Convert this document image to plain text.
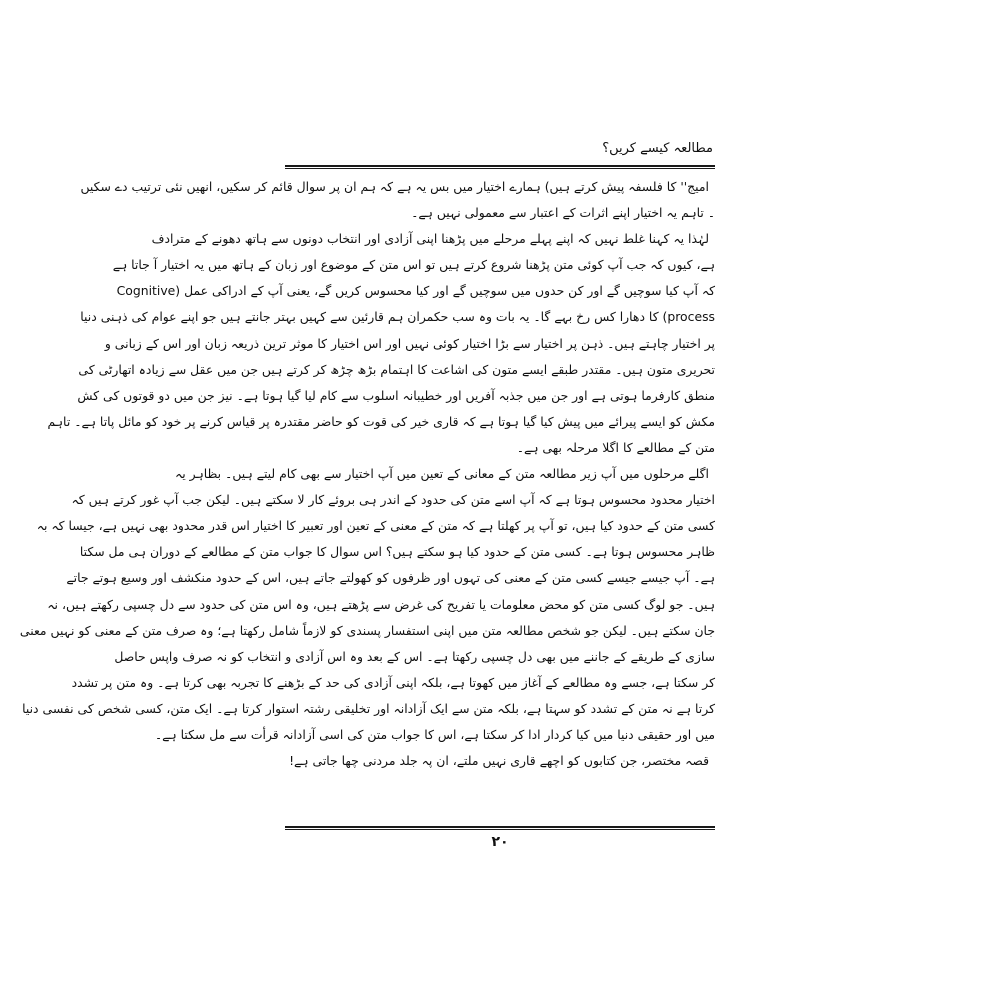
مطالعہ کیسے کریں؟
امیج'' کا فلسفہ پیش کرتے ہیں) ہمارے اختیار میں بس یہ ہے کہ ہم ان پر سوال قائم کر سکیں، انھیں نئی ترتیب دے سکیں
۔ تاہم یہ اختیار اپنے اثرات کے اعتبار سے معمولی نہیں ہے۔
لہٰذا یہ کہنا غلط نہیں کہ اپنے پہلے مرحلے میں پڑھنا اپنی آزادی اور انتخاب دونوں سے ہاتھ دھونے کے مترادف
ہے، کیوں کہ جب آپ کوئی متن پڑھنا شروع کرتے ہیں تو اس متن کے موضوع اور زبان کے ہاتھ میں یہ اختیار آ جاتا ہے
کہ آپ کیا سوچیں گے اور کن حدوں میں سوچیں گے اور کیا محسوس کریں گے، یعنی آپ کے ادراکی عمل (Cognitive
process) کا دھارا کس رخ بہے گا۔ یہ بات وہ سب حکمران ہم قارئین سے کہیں بہتر جانتے ہیں جو اپنے عوام کی ذہنی دنیا
پر اختیار چاہتے ہیں۔ ذہن پر اختیار سے بڑا اختیار کوئی نہیں اور اس اختیار کا موثر ترین ذریعہ زبان اور اس کے زبانی و
تحریری متون ہیں۔ مقتدر طبقے ایسے متون کی اشاعت کا اہتمام بڑھ چڑھ کر کرتے ہیں جن میں عقل سے زیادہ اتھارٹی کی
منطق کارفرما ہوتی ہے اور جن میں جذبہ آفریں اور خطیبانہ اسلوب سے کام لیا گیا ہوتا ہے۔ نیز جن میں دو قوتوں کی کش
مکش کو ایسے پیرائے میں پیش کیا گیا ہوتا ہے کہ قاری خیر کی قوت کو حاضر مقتدرہ پر قیاس کرنے پر خود کو مائل پاتا ہے۔ تاہم
متن کے مطالعے کا اگلا مرحلہ بھی ہے۔
اگلے مرحلوں میں آپ زیر مطالعہ متن کے معانی کے تعین میں آپ اختیار سے بھی کام لیتے ہیں۔ بظاہر یہ
اختیار محدود محسوس ہوتا ہے کہ آپ اسے متن کی حدود کے اندر ہی بروئے کار لا سکتے ہیں۔ لیکن جب آپ غور کرتے ہیں کہ
کسی متن کے حدود کیا ہیں، تو آپ پر کھلتا ہے کہ متن کے معنی کے تعین اور تعبیر کا اختیار اس قدر محدود بھی نہیں ہے، جیسا کہ بہ
ظاہر محسوس ہوتا ہے۔ کسی متن کے حدود کیا ہو سکتے ہیں؟ اس سوال کا جواب متن کے مطالعے کے دوران ہی مل سکتا
ہے۔ آپ جیسے جیسے کسی متن کے معنی کی تہوں اور ظرفوں کو کھولتے جاتے ہیں، اس کے حدود منکشف اور وسیع ہوتے جاتے
ہیں۔ جو لوگ کسی متن کو محض معلومات یا تفریح کی غرض سے پڑھتے ہیں، وہ اس متن کی حدود سے دل چسپی رکھتے ہیں، نہ
جان سکتے ہیں۔ لیکن جو شخص مطالعہ متن میں اپنی استفسار پسندی کو لازماً شامل رکھتا ہے؛ وہ صرف متن کے معنی کو نہیں معنی
سازی کے طریقے کے جاننے میں بھی دل چسپی رکھتا ہے۔ اس کے بعد وہ اس آزادی و انتخاب کو نہ صرف واپس حاصل
کر سکتا ہے، جسے وہ مطالعے کے آغاز میں کھوتا ہے، بلکہ اپنی آزادی کی حد کے بڑھنے کا تجربہ بھی کرتا ہے۔ وہ متن پر تشدد
کرتا ہے نہ متن کے تشدد کو سہتا ہے، بلکہ متن سے ایک آزادانہ اور تخلیقی رشتہ استوار کرتا ہے۔ ایک متن، کسی شخص کی نفسی دنیا
میں اور حقیقی دنیا میں کیا کردار ادا کر سکتا ہے، اس کا جواب متن کی اسی آزادانہ قرأت سے مل سکتا ہے۔
قصہ مختصر، جن کتابوں کو اچھے قاری نہیں ملتے، ان پہ جلد مردنی چھا جاتی ہے!
۲۰
